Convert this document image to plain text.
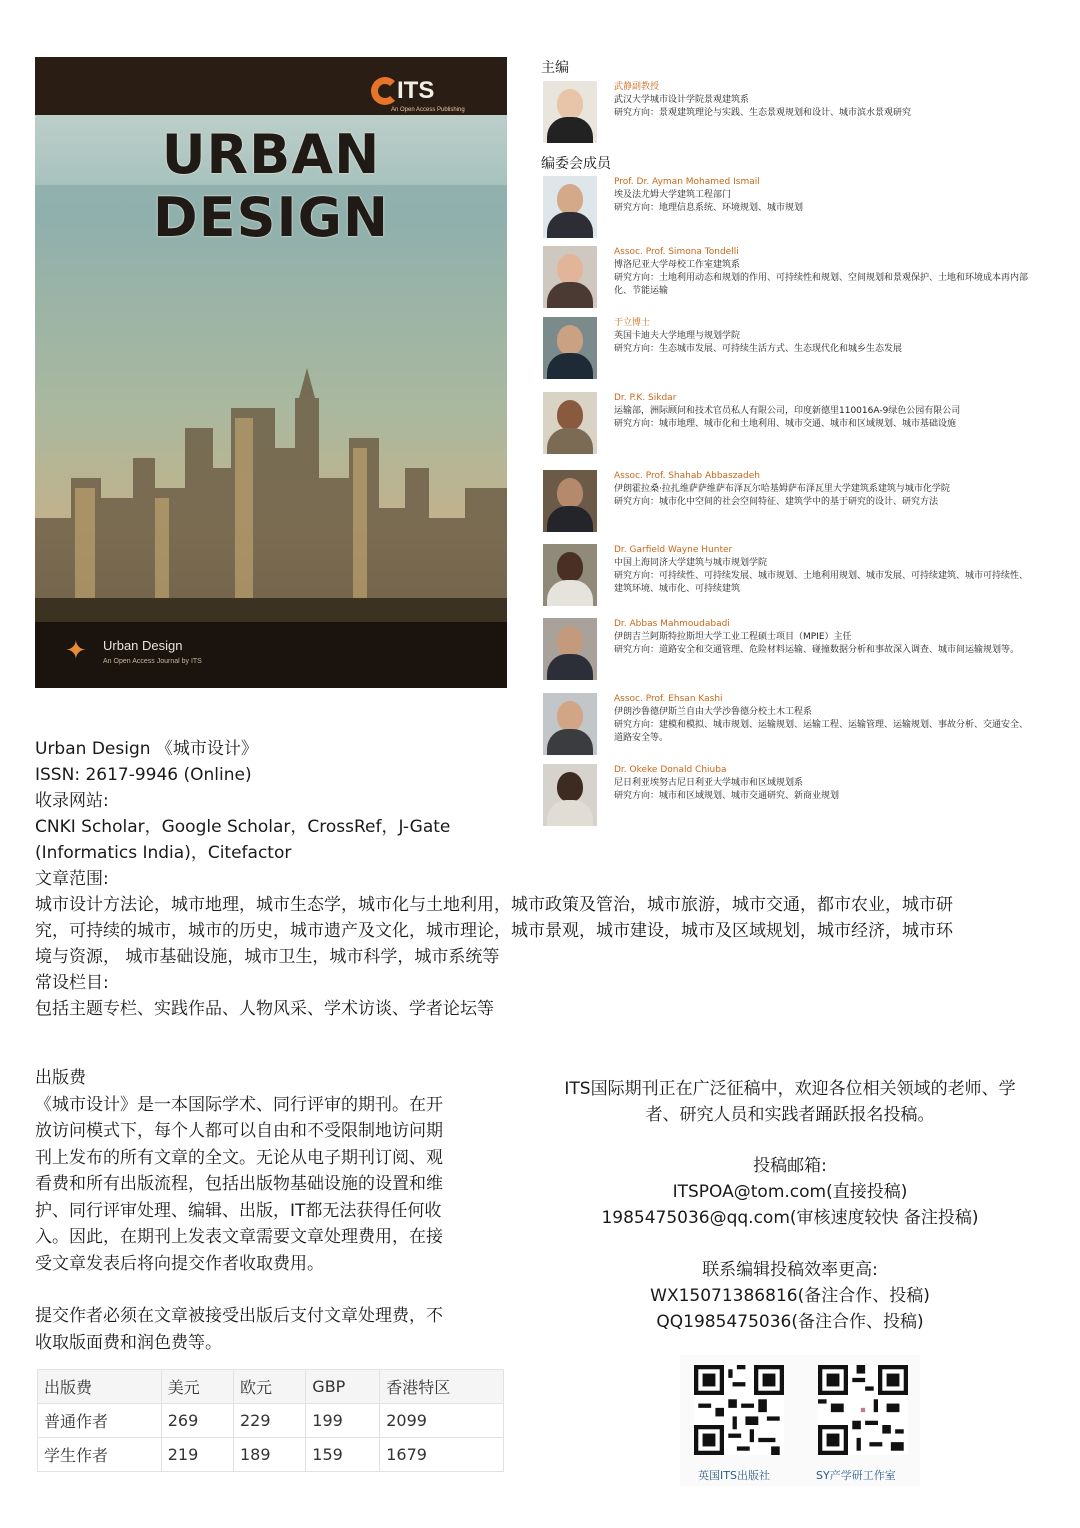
ITS
An Open Access Publishing
URBAN DESIGN
✦ Urban Design
An Open Access Journal by ITS
主编
武静副教授
武汉大学城市设计学院景观建筑系
研究方向：景观建筑理论与实践、生态景观规划和设计、城市滨水景观研究
编委会成员
Prof. Dr. Ayman Mohamed Ismail
埃及法尤姆大学建筑工程部门
研究方向：地理信息系统、环境规划、城市规划
Assoc. Prof. Simona Tondelli
博洛尼亚大学母校工作室建筑系
研究方向：土地利用动态和规划的作用、可持续性和规划、空间规划和景观保护、土地和环境成本再内部化、节能运输
于立博士
英国卡迪夫大学地理与规划学院
研究方向：生态城市发展、可持续生活方式、生态现代化和城乡生态发展
Dr. P.K. Sikdar
运输部，洲际顾问和技术官员私人有限公司，印度新德里110016A-9绿色公园有限公司
研究方向：城市地理、城市化和土地利用、城市交通、城市和区域规划、城市基础设施
Assoc. Prof. Shahab Abbaszadeh
伊朗霍拉桑·拉扎维萨萨维萨布泽瓦尔哈基姆萨布泽瓦里大学建筑系建筑与城市化学院
研究方向：城市化中空间的社会空间特征、建筑学中的基于研究的设计、研究方法
Dr. Garfield Wayne Hunter
中国上海同济大学建筑与城市规划学院
研究方向：可持续性、可持续发展、城市规划、土地利用规划、城市发展、可持续建筑、城市可持续性、建筑环境、城市化、可持续建筑
Dr. Abbas Mahmoudabadi
伊朗吉兰阿斯特拉斯坦大学工业工程硕士项目（MPIE）主任
研究方向：道路安全和交通管理、危险材料运输、碰撞数据分析和事故深入调查、城市间运输规划等。
Assoc. Prof. Ehsan Kashi
伊朗沙鲁德伊斯兰自由大学沙鲁德分校土木工程系
研究方向：建模和模拟、城市规划、运输规划、运输工程、运输管理、运输规划、事故分析、交通安全、道路安全等。
Dr. Okeke Donald Chiuba
尼日利亚埃努古尼日利亚大学城市和区域规划系
研究方向：城市和区域规划、城市交通研究、新商业规划
Urban Design 《城市设计》
ISSN: 2617-9946 (Online)
收录网站:
CNKI Scholar，Google Scholar，CrossRef，J-Gate
(Informatics India)，Citefactor
文章范围:
城市设计方法论，城市地理，城市生态学，城市化与土地利用，城市政策及管治，城市旅游，城市交通，都市农业，城市研
究，可持续的城市，城市的历史，城市遗产及文化，城市理论，城市景观，城市建设，城市及区域规划，城市经济，城市环
境与资源， 城市基础设施，城市卫生，城市科学，城市系统等
常设栏目:
包括主题专栏、实践作品、人物风采、学术访谈、学者论坛等
出版费
《城市设计》是一本国际学术、同行评审的期刊。在开
放访问模式下，每个人都可以自由和不受限制地访问期
刊上发布的所有文章的全文。无论从电子期刊订阅、观
看费和所有出版流程，包括出版物基础设施的设置和维
护、同行评审处理、编辑、出版，IT都无法获得任何收
入。因此，在期刊上发表文章需要文章处理费用，在接
受文章发表后将向提交作者收取费用。
提交作者必须在文章被接受出版后支付文章处理费，不
收取版面费和润色费等。
出版费	美元	欧元	GBP	香港特区
普通作者	269	229	199	2099
学生作者	219	189	159	1679
ITS国际期刊正在广泛征稿中，欢迎各位相关领域的老师、学
者、研究人员和实践者踊跃报名投稿。
投稿邮箱:
ITSPOA@tom.com(直接投稿)
1985475036@qq.com(审核速度较快 备注投稿)
联系编辑投稿效率更高:
WX15071386816(备注合作、投稿)
QQ1985475036(备注合作、投稿)
英国ITS出版社	SY产学研工作室
